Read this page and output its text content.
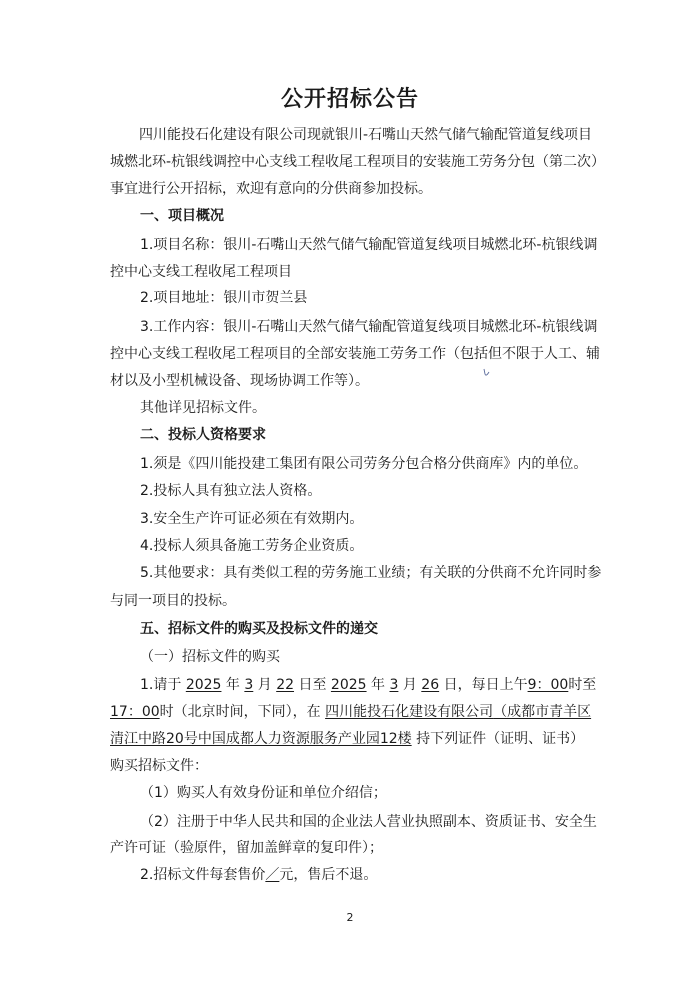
公开招标公告
四川能投石化建设有限公司现就银川-石嘴山天然气储气输配管道复线项目
城燃北环-杭银线调控中心支线工程收尾工程项目的安装施工劳务分包（第二次）
事宜进行公开招标，欢迎有意向的分供商参加投标。
一、项目概况
1.项目名称：银川-石嘴山天然气储气输配管道复线项目城燃北环-杭银线调
控中心支线工程收尾工程项目
2.项目地址：银川市贺兰县
3.工作内容：银川-石嘴山天然气储气输配管道复线项目城燃北环-杭银线调
控中心支线工程收尾工程项目的全部安装施工劳务工作（包括但不限于人工、辅
材以及小型机械设备、现场协调工作等）。
其他详见招标文件。
二、投标人资格要求
1.须是《四川能投建工集团有限公司劳务分包合格分供商库》内的单位。
2.投标人具有独立法人资格。
3.安全生产许可证必须在有效期内。
4.投标人须具备施工劳务企业资质。
5.其他要求：具有类似工程的劳务施工业绩；有关联的分供商不允许同时参
与同一项目的投标。
五、招标文件的购买及投标文件的递交
（一）招标文件的购买
1.请于 2025 年 3 月 22 日至 2025 年 3 月 26 日，每日上午9：00时至
17：00时（北京时间，下同），在 四川能投石化建设有限公司（成都市青羊区
清江中路20号中国成都人力资源服务产业园12楼 持下列证件（证明、证书）
购买招标文件：
（1）购买人有效身份证和单位介绍信；
（2）注册于中华人民共和国的企业法人营业执照副本、资质证书、安全生
产许可证（验原件，留加盖鲜章的复印件）；
2.招标文件每套售价／元，售后不退。
2
